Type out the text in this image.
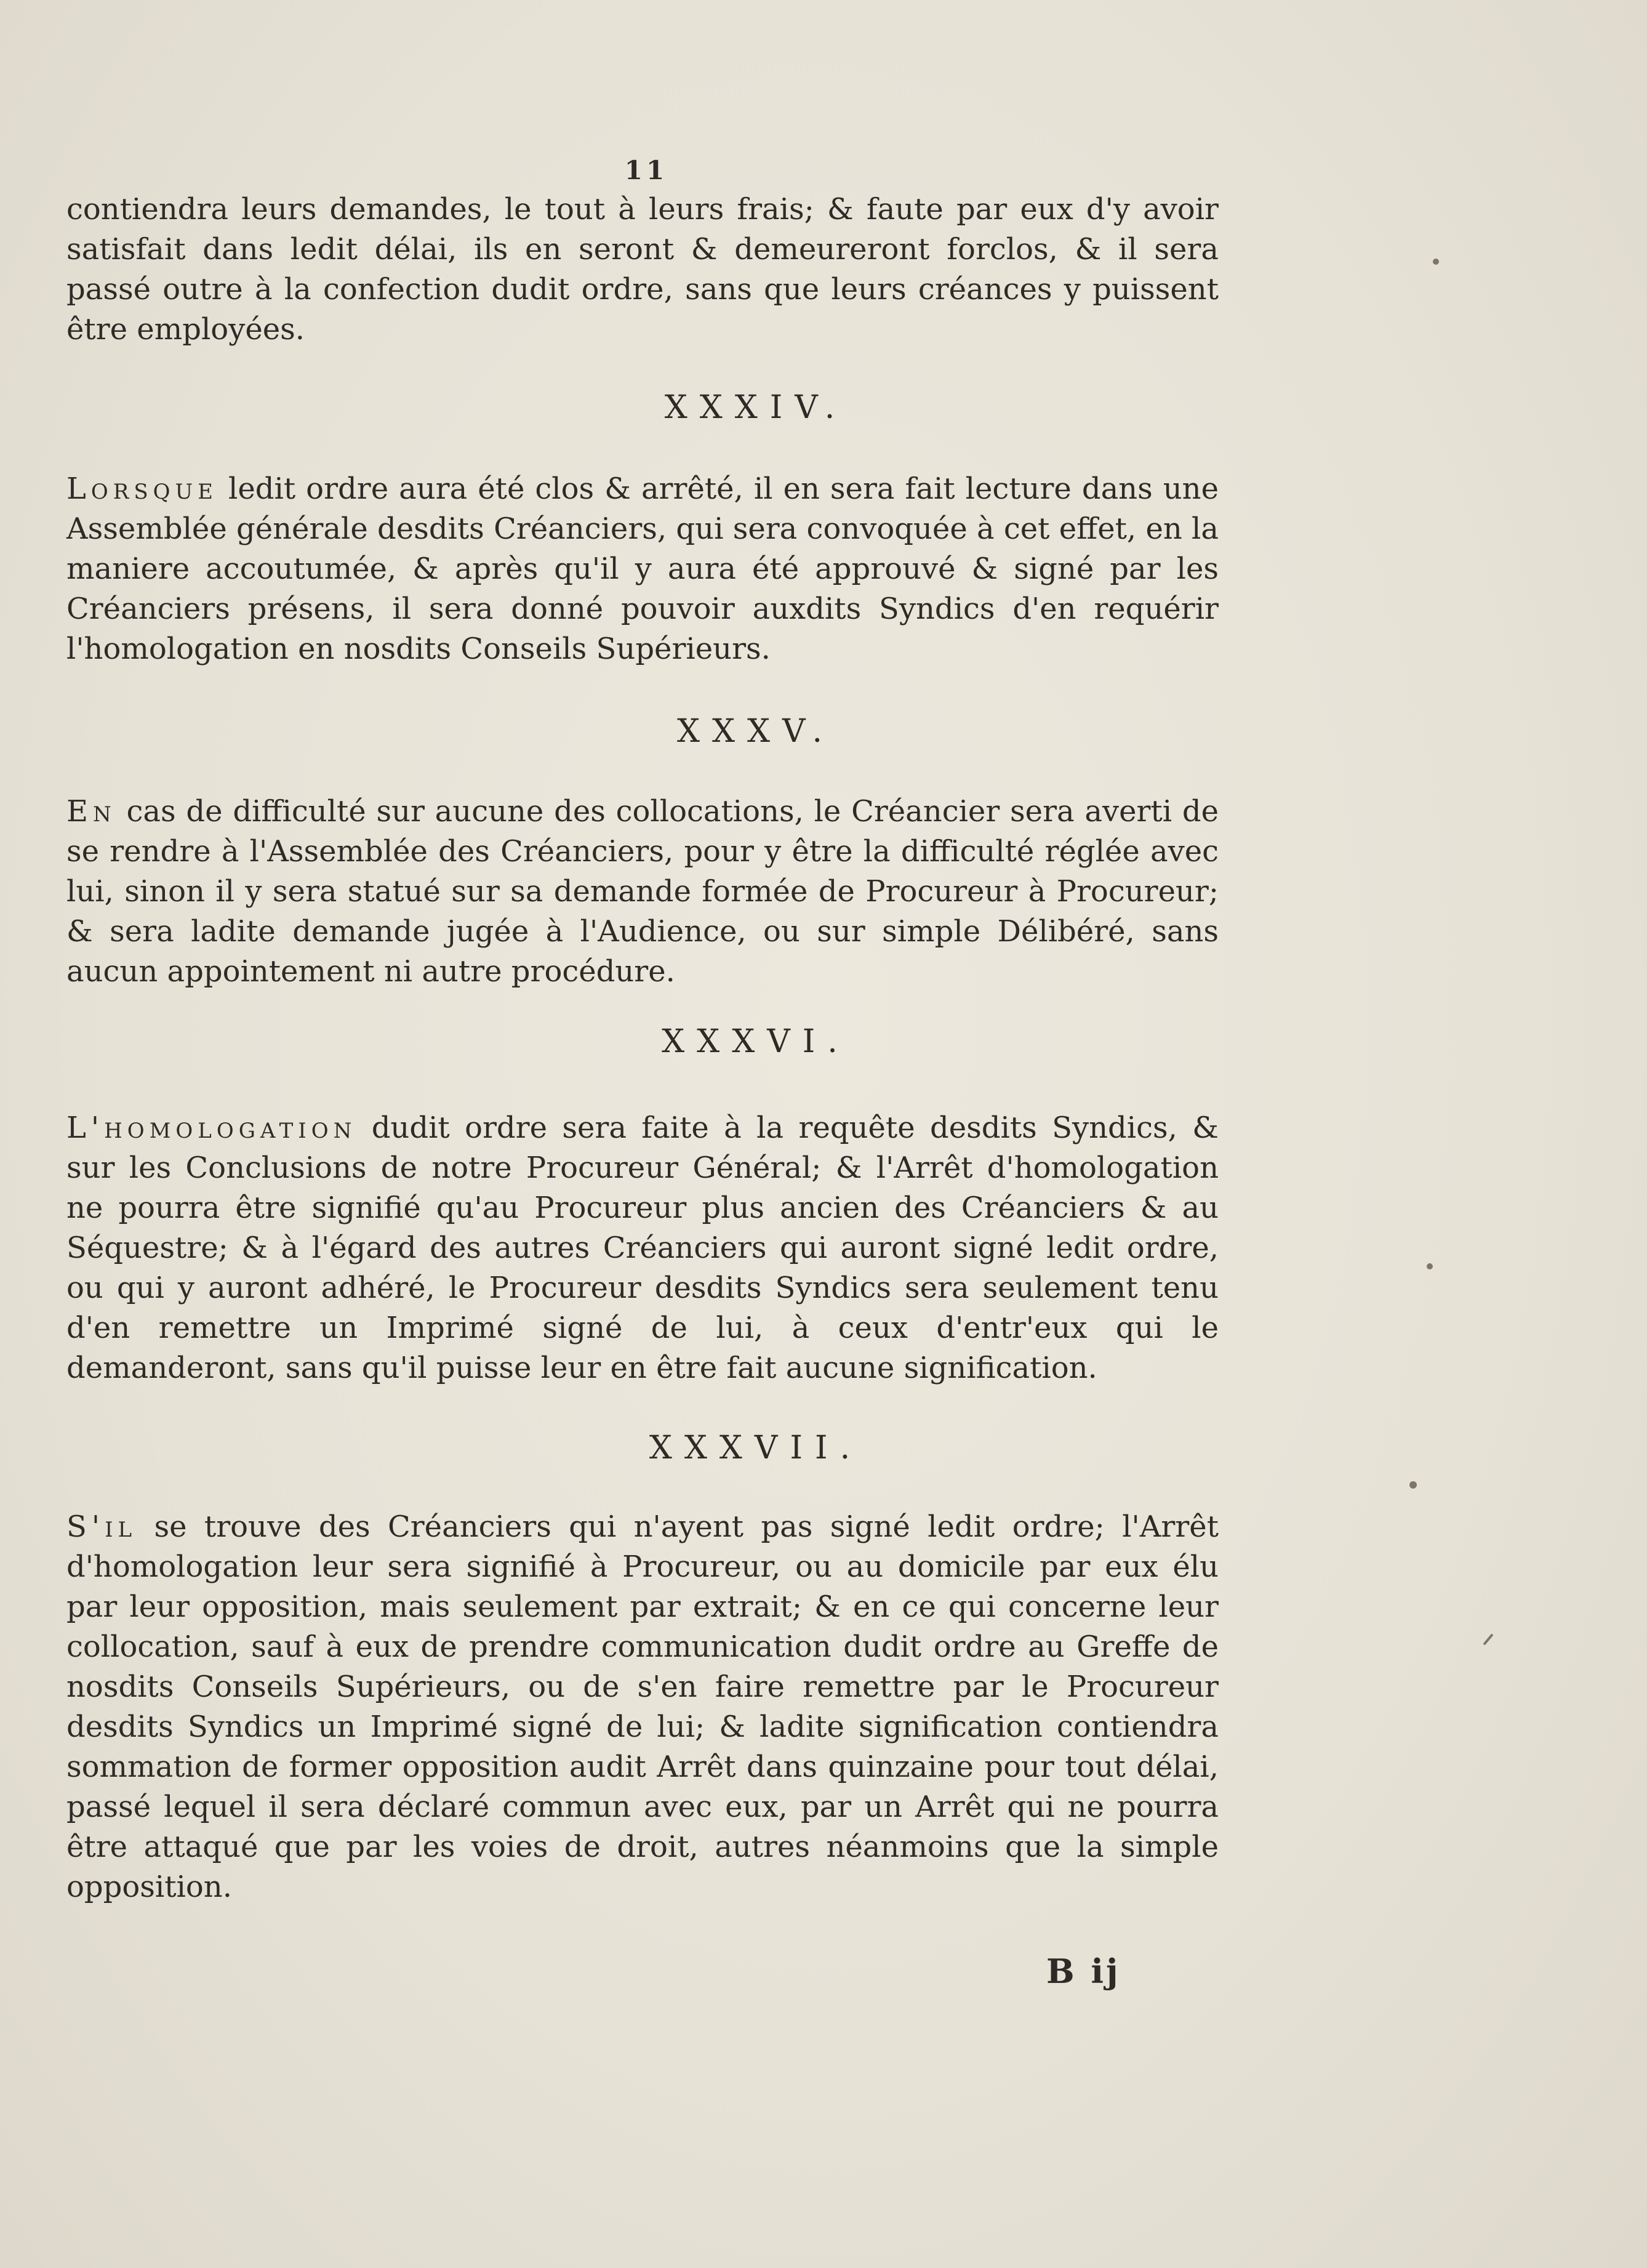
11

contiendra leurs demandes, le tout à leurs frais; & faute par eux d'y avoir satisfait dans ledit délai, ils en seront & demeureront forclos, & il sera passé outre à la confection dudit ordre, sans que leurs créances y puissent être employées.

XXXIV.

Lorsque ledit ordre aura été clos & arrêté, il en sera fait lecture dans une Assemblée générale desdits Créanciers, qui sera convoquée à cet effet, en la maniere accoutumée, & après qu'il y aura été approuvé & signé par les Créanciers présens, il sera donné pouvoir auxdits Syndics d'en requérir l'homologation en nosdits Conseils Supérieurs.

XXXV.

En cas de difficulté sur aucune des collocations, le Créancier sera averti de se rendre à l'Assemblée des Créanciers, pour y être la difficulté réglée avec lui, sinon il y sera statué sur sa demande formée de Procureur à Procureur; & sera ladite demande jugée à l'Audience, ou sur simple Délibéré, sans aucun appointement ni autre procédure.

XXXVI.

L'homologation dudit ordre sera faite à la requête desdits Syndics, & sur les Conclusions de notre Procureur Général; & l'Arrêt d'homologation ne pourra être signifié qu'au Procureur plus ancien des Créanciers & au Séquestre; & à l'égard des autres Créanciers qui auront signé ledit ordre, ou qui y auront adhéré, le Procureur desdits Syndics sera seulement tenu d'en remettre un Imprimé signé de lui, à ceux d'entr'eux qui le demanderont, sans qu'il puisse leur en être fait aucune signification.

XXXVII.

S'il se trouve des Créanciers qui n'ayent pas signé ledit ordre; l'Arrêt d'homologation leur sera signifié à Procureur, ou au domicile par eux élu par leur opposition, mais seulement par extrait; & en ce qui concerne leur collocation, sauf à eux de prendre communication dudit ordre au Greffe de nosdits Conseils Supérieurs, ou de s'en faire remettre par le Procureur desdits Syndics un Imprimé signé de lui; & ladite signification contiendra sommation de former opposition audit Arrêt dans quinzaine pour tout délai, passé lequel il sera déclaré commun avec eux, par un Arrêt qui ne pourra être attaqué que par les voies de droit, autres néanmoins que la simple opposition.

B ij
